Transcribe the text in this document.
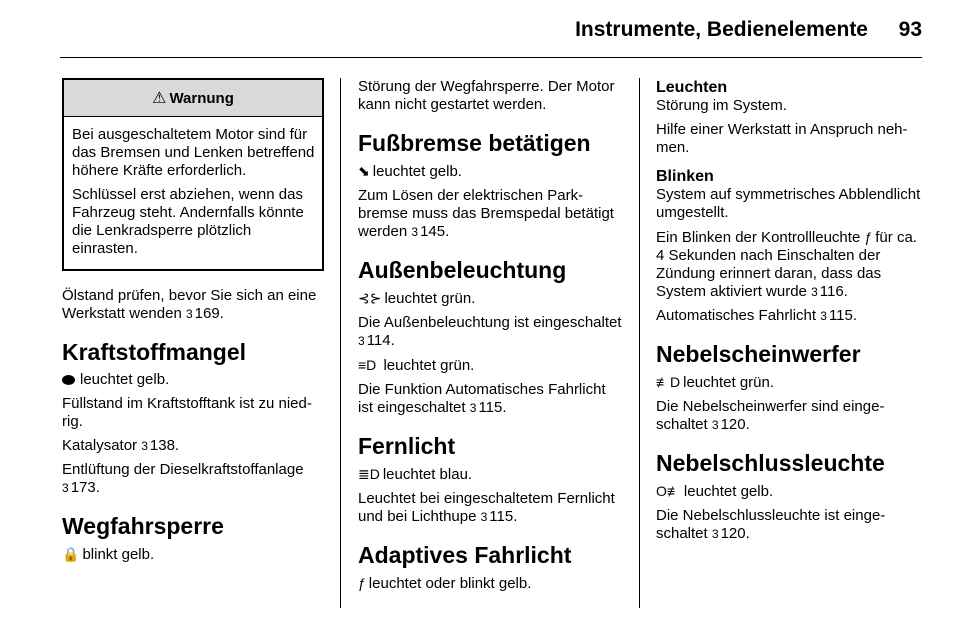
Instrumente, Bedienelemente 93
⚠ Warnung

Bei ausgeschaltetem Motor sind für das Bremsen und Lenken betreffend höhere Kräfte erforderlich.

Schlüssel erst abziehen, wenn das Fahrzeug steht. Andernfalls könnte die Lenkradsperre plötzlich einrasten.

Ölstand prüfen, bevor Sie sich an eine Werkstatt wenden 3 169.

Kraftstoffmangel

leuchtet gelb.

Füllstand im Kraftstofftank ist zu niedrig.

Katalysator 3 138.

Entlüftung der Dieselkraftstoffanlage
3 173.

Wegfahrsperre

🔒 blinkt gelb.

Störung der Wegfahrsperre. Der Motor kann nicht gestartet werden.

Fußbremse betätigen

⬊ leuchtet gelb.

Zum Lösen der elektrischen Parkbremse muss das Bremspedal betätigt werden 3 145.

Außenbeleuchtung

⊰⊱ leuchtet grün.

Die Außenbeleuchtung ist eingeschaltet 3 114.

≡D leuchtet grün.

Die Funktion Automatisches Fahrlicht ist eingeschaltet 3 115.

Fernlicht

≣D leuchtet blau.

Leuchtet bei eingeschaltetem Fernlicht und bei Lichthupe 3 115.

Adaptives Fahrlicht

ƒ leuchtet oder blinkt gelb.

Leuchten

Störung im System.

Hilfe einer Werkstatt in Anspruch nehmen.

Blinken

System auf symmetrisches Abblendlicht umgestellt.

Ein Blinken der Kontrollleuchte ƒ für ca. 4 Sekunden nach Einschalten der Zündung erinnert daran, dass das System aktiviert wurde 3 116.

Automatisches Fahrlicht 3 115.

Nebelscheinwerfer

≢D leuchtet grün.

Die Nebelscheinwerfer sind eingeschaltet 3 120.

Nebelschlussleuchte

O≢ leuchtet gelb.

Die Nebelschlussleuchte ist eingeschaltet 3 120.
